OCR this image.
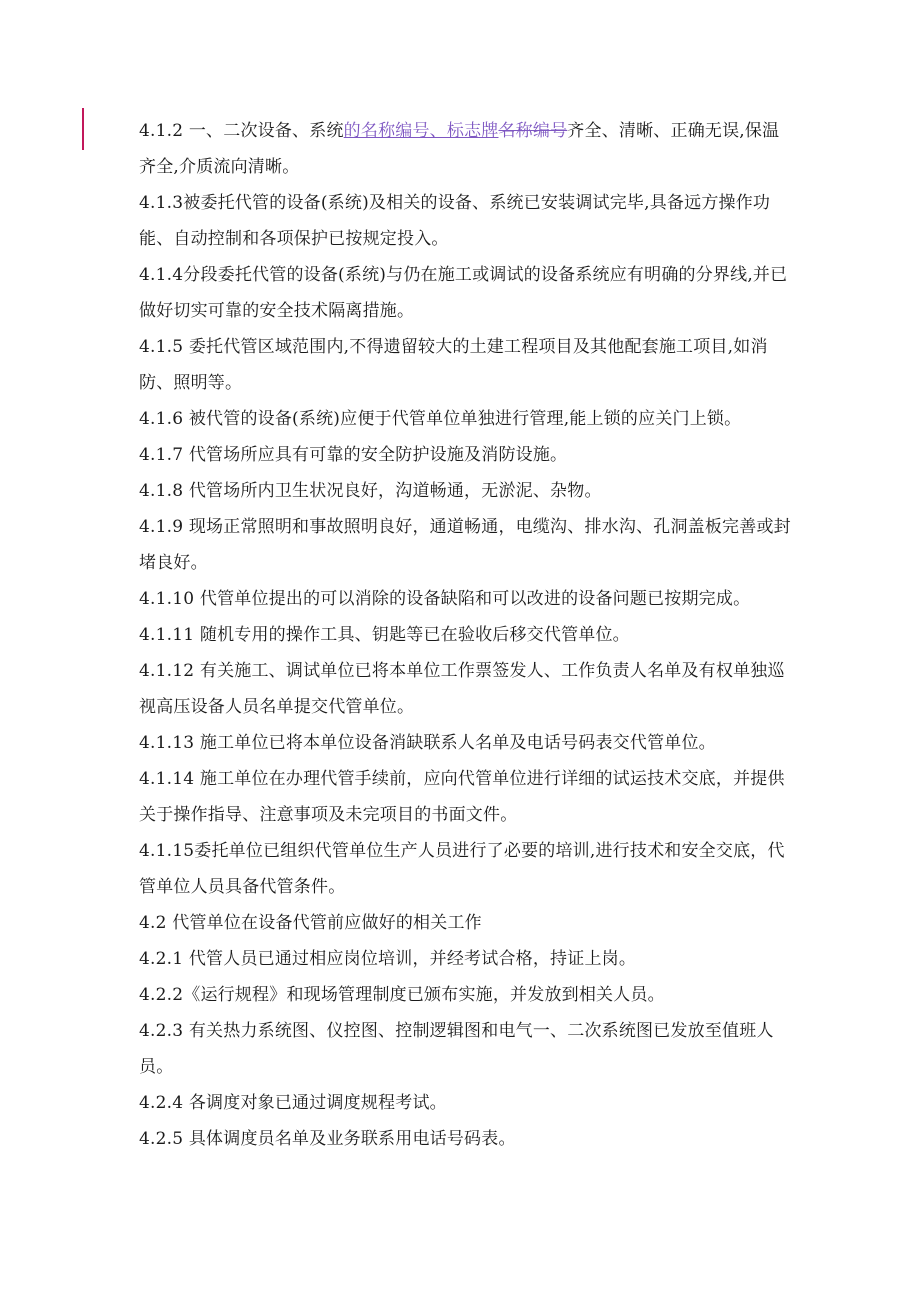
4.1.2 一、二次设备、系统的名称编号、标志牌名称编号齐全、清晰、正确无误,保温齐全,介质流向清晰。

4.1.3被委托代管的设备(系统)及相关的设备、系统已安装调试完毕,具备远方操作功能、自动控制和各项保护已按规定投入。

4.1.4分段委托代管的设备(系统)与仍在施工或调试的设备系统应有明确的分界线,并已做好切实可靠的安全技术隔离措施。

4.1.5 委托代管区域范围内,不得遗留较大的土建工程项目及其他配套施工项目,如消防、照明等。

4.1.6 被代管的设备(系统)应便于代管单位单独进行管理,能上锁的应关门上锁。

4.1.7 代管场所应具有可靠的安全防护设施及消防设施。

4.1.8 代管场所内卫生状况良好，沟道畅通，无淤泥、杂物。

4.1.9 现场正常照明和事故照明良好，通道畅通，电缆沟、排水沟、孔洞盖板完善或封堵良好。

4.1.10 代管单位提出的可以消除的设备缺陷和可以改进的设备问题已按期完成。

4.1.11 随机专用的操作工具、钥匙等已在验收后移交代管单位。

4.1.12 有关施工、调试单位已将本单位工作票签发人、工作负责人名单及有权单独巡视高压设备人员名单提交代管单位。

4.1.13 施工单位已将本单位设备消缺联系人名单及电话号码表交代管单位。

4.1.14 施工单位在办理代管手续前，应向代管单位进行详细的试运技术交底，并提供关于操作指导、注意事项及未完项目的书面文件。

4.1.15委托单位已组织代管单位生产人员进行了必要的培训,进行技术和安全交底，代管单位人员具备代管条件。

4.2 代管单位在设备代管前应做好的相关工作

4.2.1 代管人员已通过相应岗位培训，并经考试合格，持证上岗。

4.2.2《运行规程》和现场管理制度已颁布实施，并发放到相关人员。

4.2.3 有关热力系统图、仪控图、控制逻辑图和电气一、二次系统图已发放至值班人员。

4.2.4 各调度对象已通过调度规程考试。

4.2.5 具体调度员名单及业务联系用电话号码表。
